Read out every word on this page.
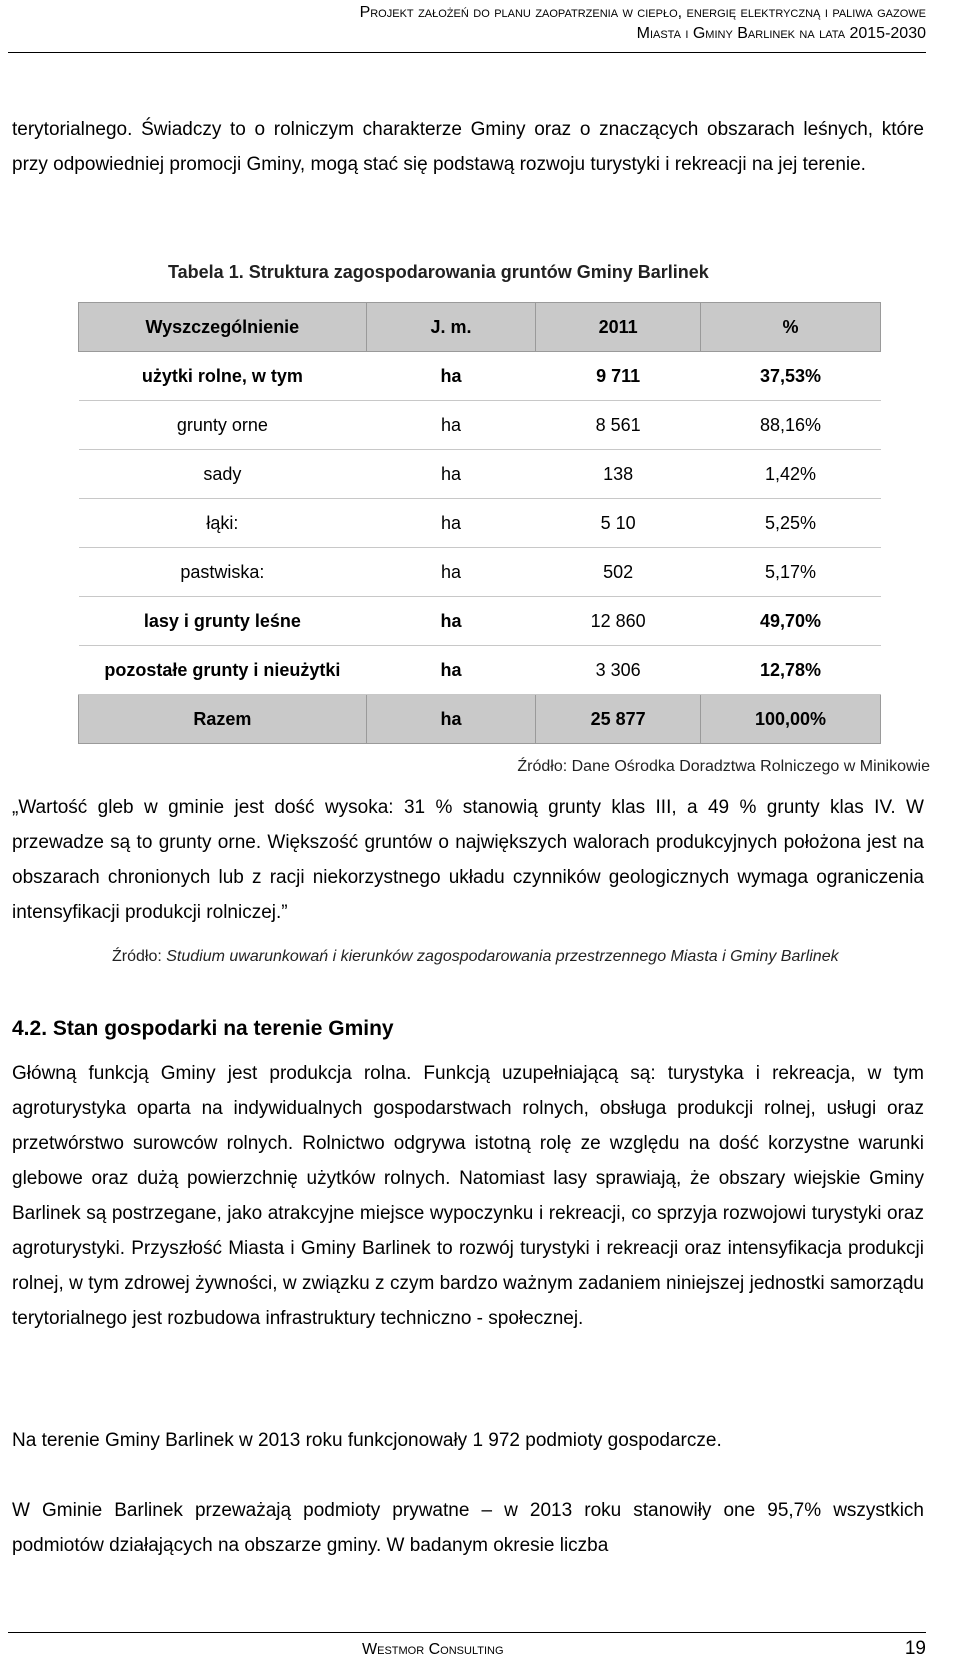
Projekt założeń do planu zaopatrzenia w ciepło, energię elektryczną i paliwa gazowe
Miasta i Gminy Barlinek na lata 2015-2030

terytorialnego. Świadczy to o rolniczym charakterze Gminy oraz o znaczących obszarach leśnych, które przy odpowiedniej promocji Gminy, mogą stać się podstawą rozwoju turystyki i rekreacji na jej terenie.

Tabela 1. Struktura zagospodarowania gruntów Gminy Barlinek
Wyszczególnienie	J. m.	2011	%
użytki rolne, w tym	ha	9 711	37,53%
grunty orne	ha	8 561	88,16%
sady	ha	138	1,42%
łąki:	ha	5 10	5,25%
pastwiska:	ha	502	5,17%
lasy i grunty leśne	ha	12 860	49,70%
pozostałe grunty i nieużytki	ha	3 306	12,78%
Razem	ha	25 877	100,00%
Źródło: Dane Ośrodka Doradztwa Rolniczego w Minikowie

„Wartość gleb w gminie jest dość wysoka: 31 % stanowią grunty klas III, a 49 % grunty klas IV. W przewadze są to grunty orne. Większość gruntów o największych walorach produkcyjnych położona jest na obszarach chronionych lub z racji niekorzystnego układu czynników geologicznych wymaga ograniczenia intensyfikacji produkcji rolniczej.”

Źródło: Studium uwarunkowań i kierunków zagospodarowania przestrzennego Miasta i Gminy Barlinek
4.2. Stan gospodarki na terenie Gminy

Główną funkcją Gminy jest produkcja rolna. Funkcją uzupełniającą są: turystyka i rekreacja, w tym agroturystyka oparta na indywidualnych gospodarstwach rolnych, obsługa produkcji rolnej, usługi oraz przetwórstwo surowców rolnych. Rolnictwo odgrywa istotną rolę ze względu na dość korzystne warunki glebowe oraz dużą powierzchnię użytków rolnych. Natomiast lasy sprawiają, że obszary wiejskie Gminy Barlinek są postrzegane, jako atrakcyjne miejsce wypoczynku i rekreacji, co sprzyja rozwojowi turystyki oraz agroturystyki. Przyszłość Miasta i Gminy Barlinek to rozwój turystyki i rekreacji oraz intensyfikacja produkcji rolnej, w tym zdrowej żywności, w związku z czym bardzo ważnym zadaniem niniejszej jednostki samorządu terytorialnego jest rozbudowa infrastruktury techniczno - społecznej.

Na terenie Gminy Barlinek w 2013 roku funkcjonowały 1 972 podmioty gospodarcze.

W Gminie Barlinek przeważają podmioty prywatne – w 2013 roku stanowiły one 95,7% wszystkich podmiotów działających na obszarze gminy. W badanym okresie liczba

Westmor Consulting	19
